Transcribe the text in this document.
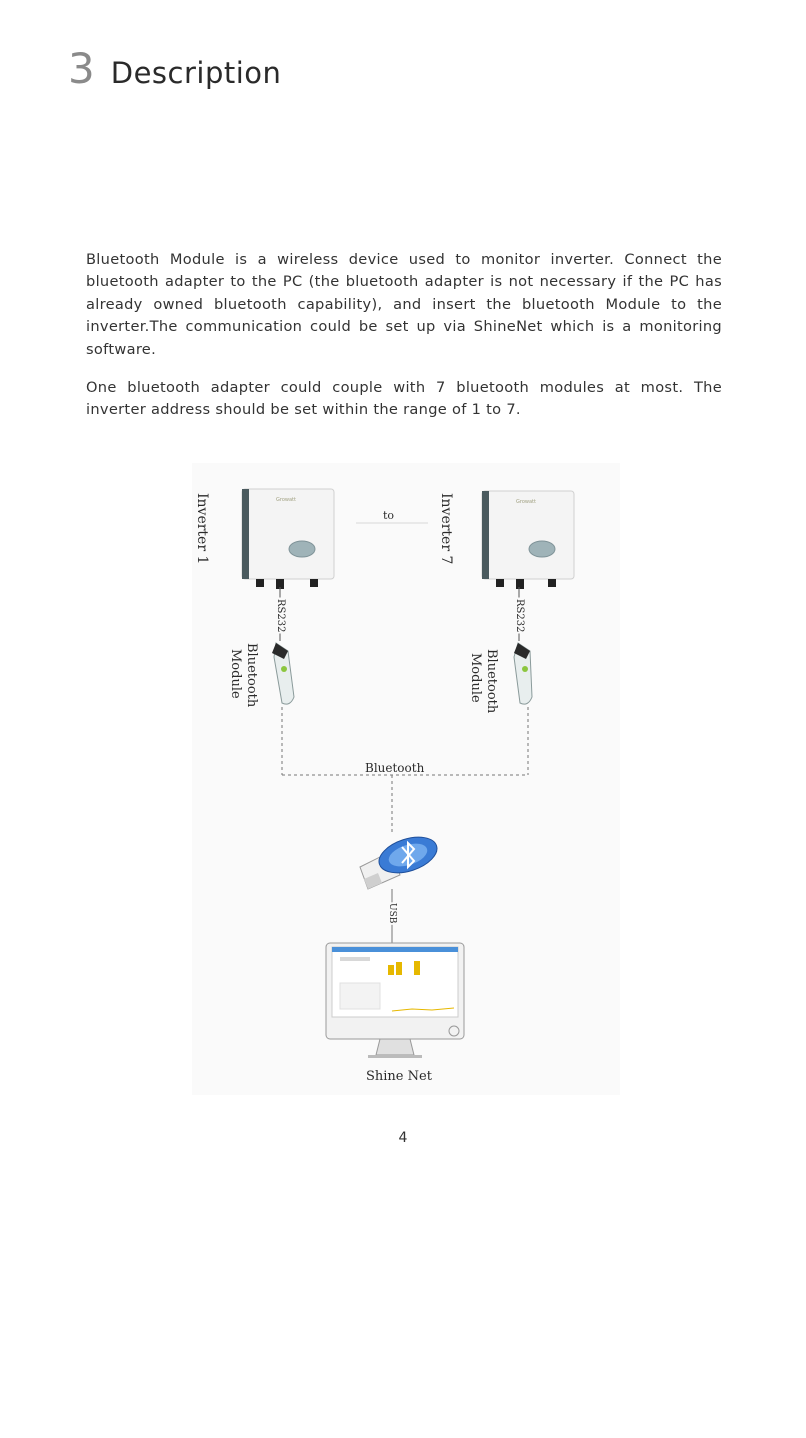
3 Description

Bluetooth Module is a wireless device used to monitor inverter. Connect the bluetooth adapter to the PC (the bluetooth adapter is not necessary if the PC has already owned bluetooth capability), and insert the bluetooth Module to the inverter.The communication could be set up via ShineNet which is a monitoring software.

One bluetooth adapter could couple with 7 bluetooth modules at most. The inverter address should be set within the range of 1 to 7.

Growatt	Growatt
to
Inverter 1	Inverter 7
RS232	RS232
Bluetooth
Module	Bluetooth
Module
Bluetooth
USB
Shine Net
4
